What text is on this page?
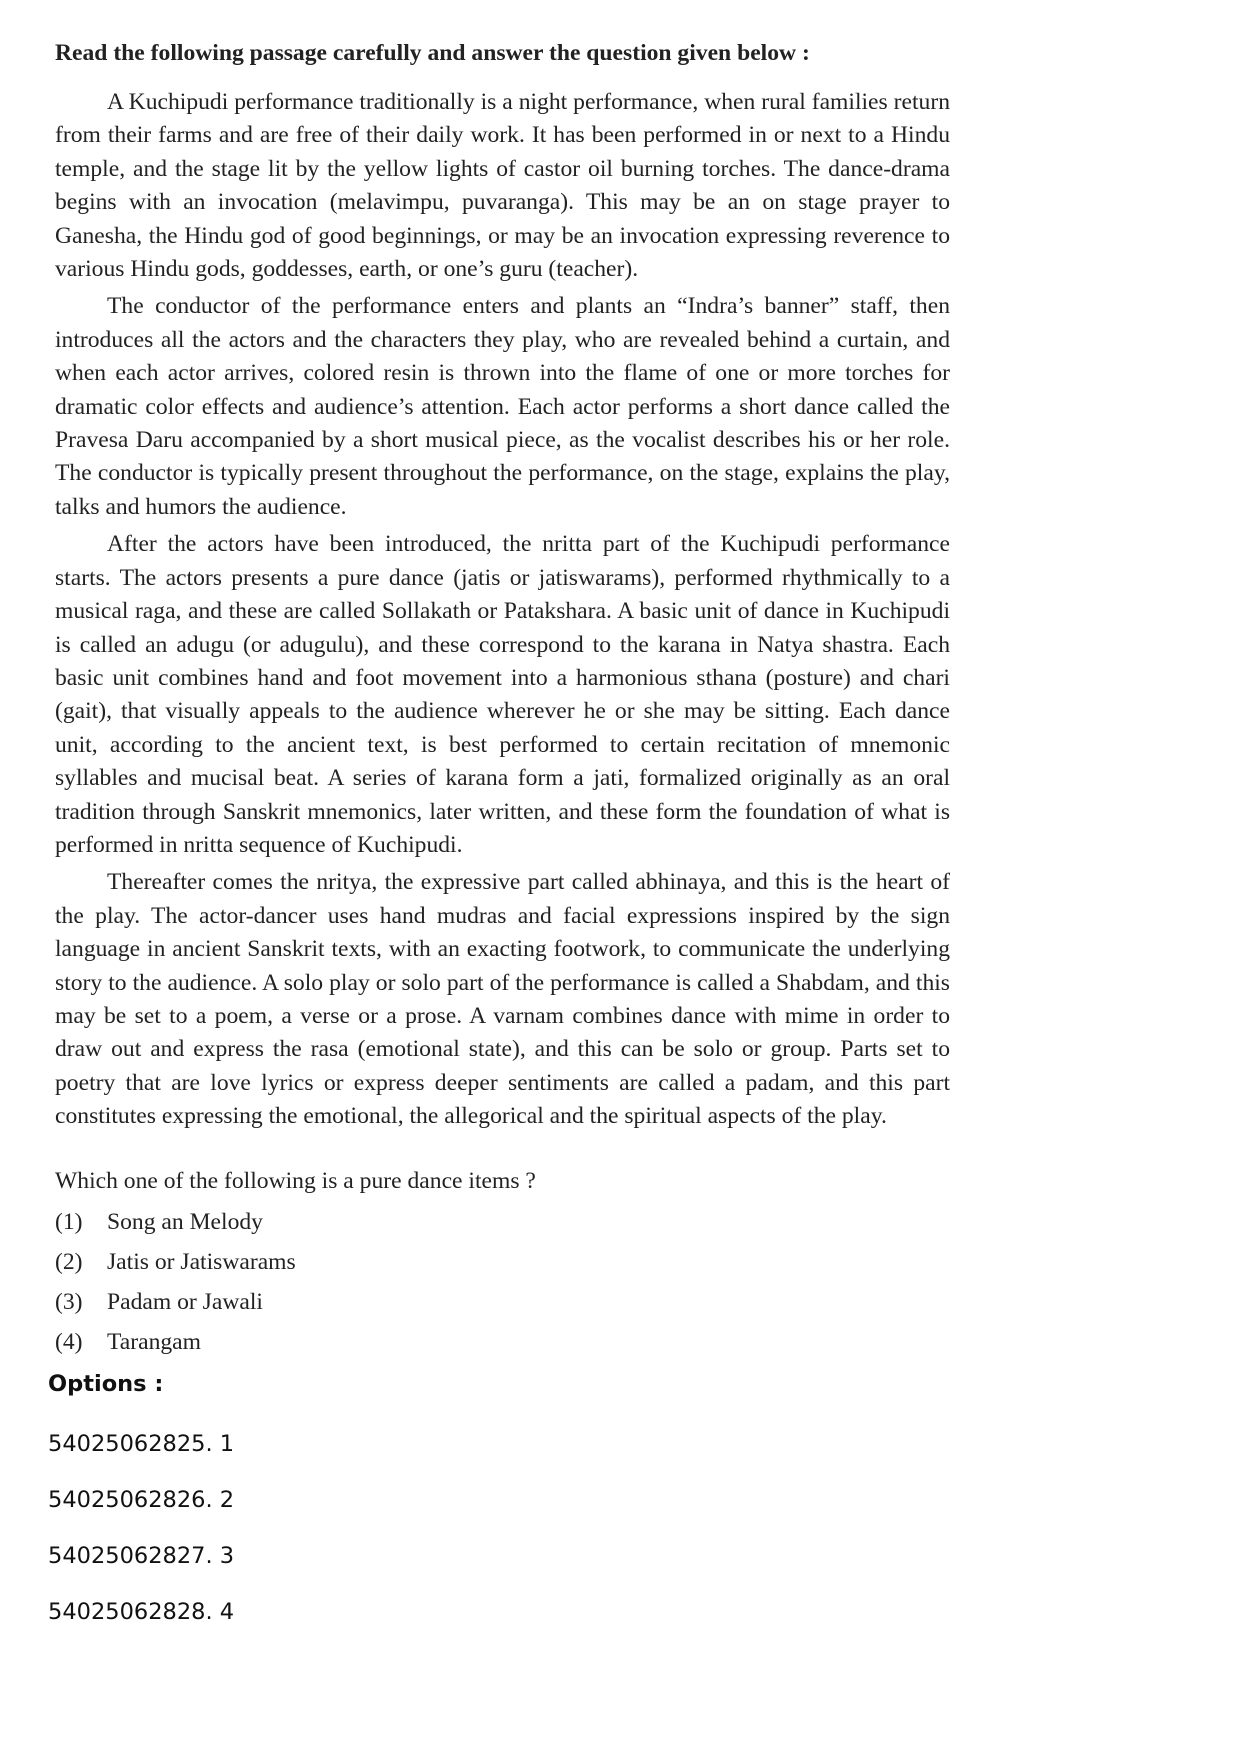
Read the following passage carefully and answer the question given below :

A Kuchipudi performance traditionally is a night performance, when rural families return from their farms and are free of their daily work. It has been performed in or next to a Hindu temple, and the stage lit by the yellow lights of castor oil burning torches. The dance-drama begins with an invocation (melavimpu, puvaranga). This may be an on stage prayer to Ganesha, the Hindu god of good beginnings, or may be an invocation expressing reverence to various Hindu gods, goddesses, earth, or one’s guru (teacher).

The conductor of the performance enters and plants an “Indra’s banner” staff, then introduces all the actors and the characters they play, who are revealed behind a curtain, and when each actor arrives, colored resin is thrown into the flame of one or more torches for dramatic color effects and audience’s attention. Each actor performs a short dance called the Pravesa Daru accompanied by a short musical piece, as the vocalist describes his or her role. The conductor is typically present throughout the performance, on the stage, explains the play, talks and humors the audience.

After the actors have been introduced, the nritta part of the Kuchipudi performance starts. The actors presents a pure dance (jatis or jatiswarams), performed rhythmically to a musical raga, and these are called Sollakath or Patakshara. A basic unit of dance in Kuchipudi is called an adugu (or adugulu), and these correspond to the karana in Natya shastra. Each basic unit combines hand and foot movement into a harmonious sthana (posture) and chari (gait), that visually appeals to the audience wherever he or she may be sitting. Each dance unit, according to the ancient text, is best performed to certain recitation of mnemonic syllables and mucisal beat. A series of karana form a jati, formalized originally as an oral tradition through Sanskrit mnemonics, later written, and these form the foundation of what is performed in nritta sequence of Kuchipudi.

Thereafter comes the nritya, the expressive part called abhinaya, and this is the heart of the play. The actor-dancer uses hand mudras and facial expressions inspired by the sign language in ancient Sanskrit texts, with an exacting footwork, to communicate the underlying story to the audience. A solo play or solo part of the performance is called a Shabdam, and this may be set to a poem, a verse or a prose. A varnam combines dance with mime in order to draw out and express the rasa (emotional state), and this can be solo or group. Parts set to poetry that are love lyrics or express deeper sentiments are called a padam, and this part constitutes expressing the emotional, the allegorical and the spiritual aspects of the play.

Which one of the following is a pure dance items ?
(1)	Song an Melody
(2)	Jatis or Jatiswarams
(3)	Padam or Jawali
(4)	Tarangam
Options :
54025062825. 1
54025062826. 2
54025062827. 3
54025062828. 4
